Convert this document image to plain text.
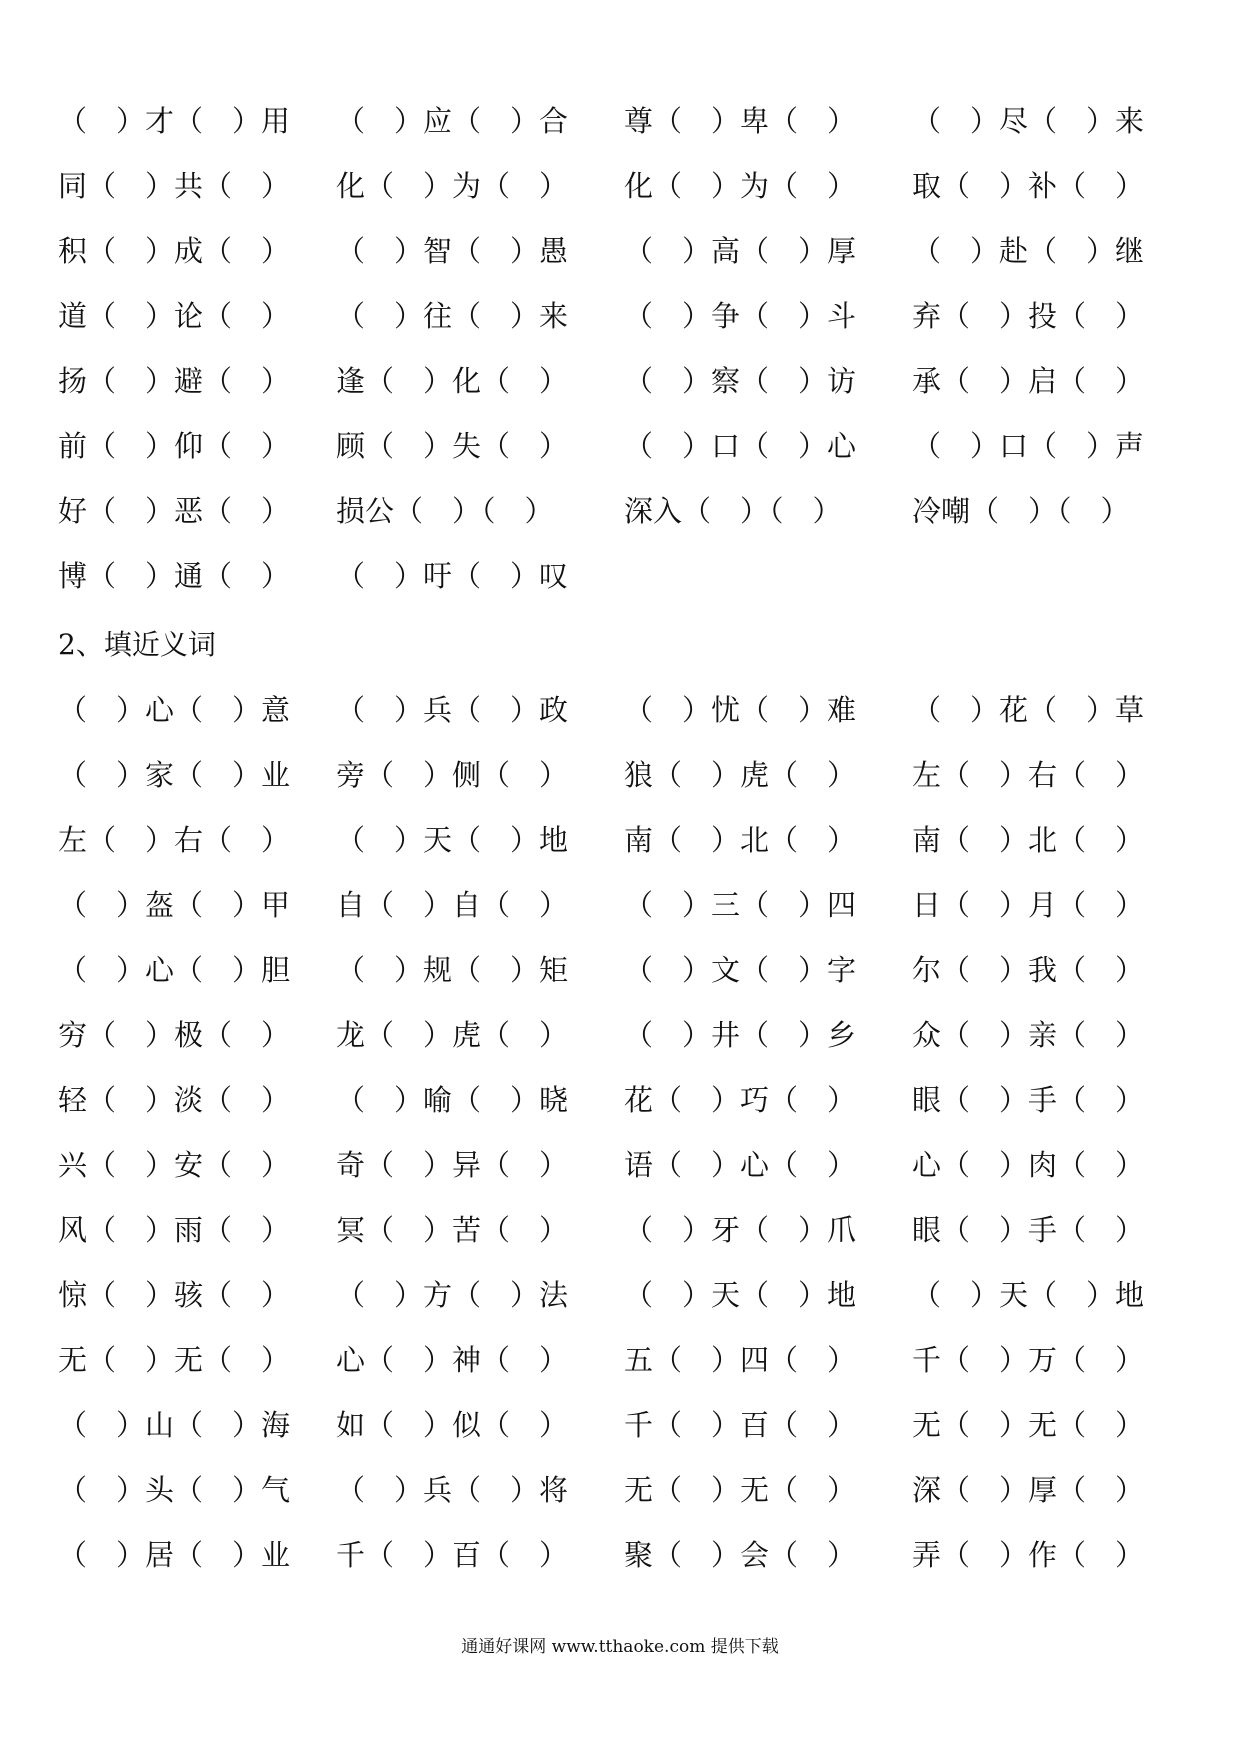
（　）才（　）用 （　）应（　）合 尊（　）卑（　） （　）尽（　）来
同（　）共（　） 化（　）为（　） 化（　）为（　） 取（　）补（　）
积（　）成（　） （　）智（　）愚 （　）高（　）厚 （　）赴（　）继
道（　）论（　） （　）往（　）来 （　）争（　）斗 弃（　）投（　）
扬（　）避（　） 逢（　）化（　） （　）察（　）访 承（　）启（　）
前（　）仰（　） 顾（　）失（　） （　）口（　）心 （　）口（　）声
好（　）恶（　） 损公（　）（　） 深入（　）（　） 冷嘲（　）（　）
博（　）通（　） （　）吁（　）叹
2、填近义词
（　）心（　）意 （　）兵（　）政 （　）忧（　）难 （　）花（　）草
（　）家（　）业 旁（　）侧（　） 狼（　）虎（　） 左（　）右（　）
左（　）右（　） （　）天（　）地 南（　）北（　） 南（　）北（　）
（　）盔（　）甲 自（　）自（　） （　）三（　）四 日（　）月（　）
（　）心（　）胆 （　）规（　）矩 （　）文（　）字 尔（　）我（　）
穷（　）极（　） 龙（　）虎（　） （　）井（　）乡 众（　）亲（　）
轻（　）淡（　） （　）喻（　）晓 花（　）巧（　） 眼（　）手（　）
兴（　）安（　） 奇（　）异（　） 语（　）心（　） 心（　）肉（　）
风（　）雨（　） 冥（　）苦（　） （　）牙（　）爪 眼（　）手（　）
惊（　）骇（　） （　）方（　）法 （　）天（　）地 （　）天（　）地
无（　）无（　） 心（　）神（　） 五（　）四（　） 千（　）万（　）
（　）山（　）海 如（　）似（　） 千（　）百（　） 无（　）无（　）
（　）头（　）气 （　）兵（　）将 无（　）无（　） 深（　）厚（　）
（　）居（　）业 千（　）百（　） 聚（　）会（　） 弄（　）作（　）
通通好课网 www.tthaoke.com 提供下载
